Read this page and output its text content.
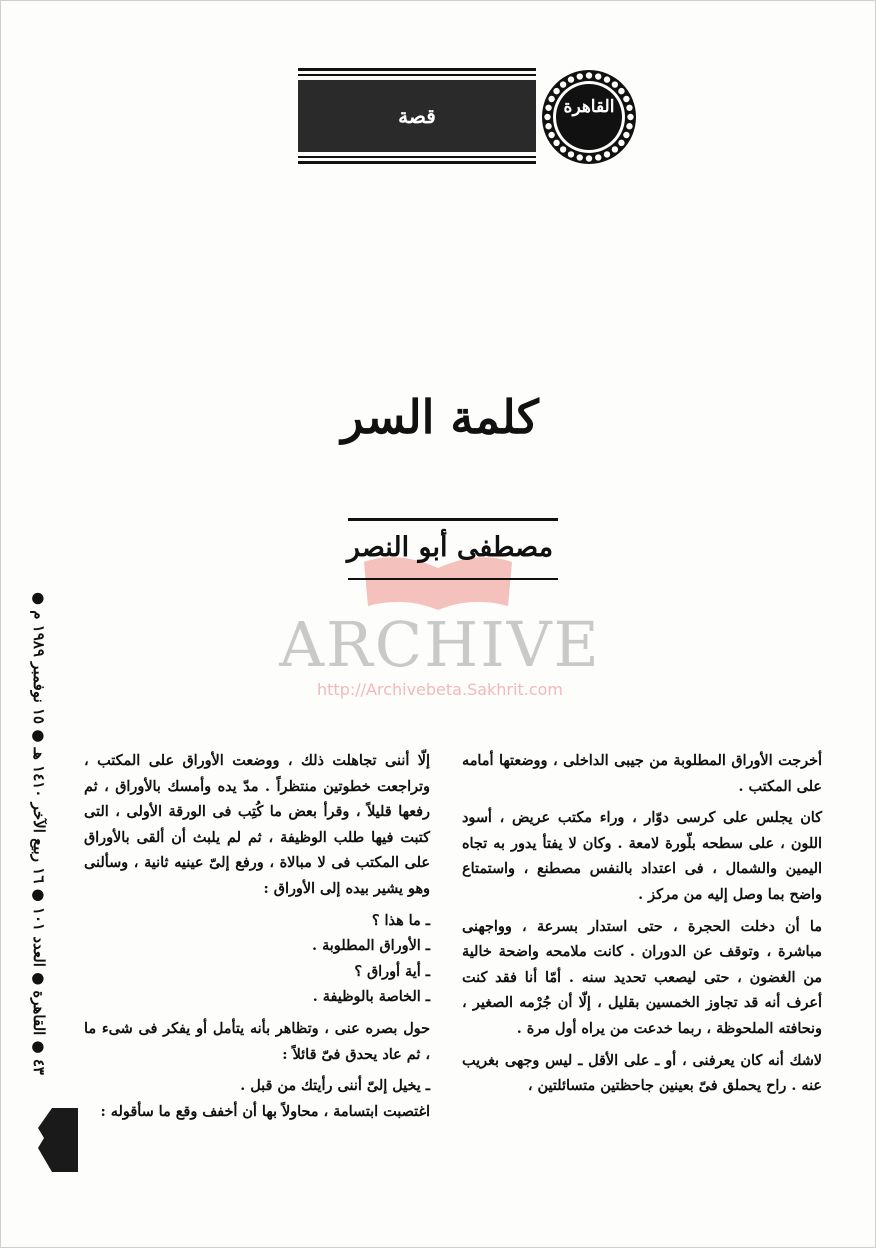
قصة	القاهرة
كلمة السر
مصطفى أبو النصر
ARCHIVE
http://Archivebeta.Sakhrit.com
٤٣ ● القاهرة ● العدد ١٠١ ● ١٦ ربيع الآخر ١٤١٠ هـ ● ١٥ نوفمبر ١٩٨٩ م ●

أخرجت الأوراق المطلوبة من جيبى الداخلى ، ووضعتها أمامه على المكتب .

كان يجلس على كرسى دوّار ، وراء مكتب عريض ، أسود اللون ، على سطحه بلّورة لامعة . وكان لا يفتأ يدور به تجاه اليمين والشمال ، فى اعتداد بالنفس مصطنع ، واستمتاع واضح بما وصل إليه من مركز .

ما أن دخلت الحجرة ، حتى استدار بسرعة ، وواجهنى مباشرة ، وتوقف عن الدوران . كانت ملامحه واضحة خالية من الغضون ، حتى ليصعب تحديد سنه . أمّا أنا فقد كنت أعرف أنه قد تجاوز الخمسين بقليل ، إلّا أن جُرْمه الصغير ، ونحافته الملحوظة ، ربما خدعت من يراه أول مرة .

لاشك أنه كان يعرفنى ، أو ـ على الأقل ـ ليس وجهى بغريب عنه . راح يحملق فىّ بعينين جاحظتين متسائلتين ،

إلّا أننى تجاهلت ذلك ، ووضعت الأوراق على المكتب ، وتراجعت خطوتين منتظراً . مدّ يده وأمسك بالأوراق ، ثم رفعها قليلاً ، وقرأ بعض ما كُتِب فى الورقة الأولى ، التى كتبت فيها طلب الوظيفة ، ثم لم يلبث أن ألقى بالأوراق على المكتب فى لا مبالاة ، ورفع إلىّ عينيه ثانية ، وسألنى وهو يشير بيده إلى الأوراق :

ـ ما هذا ؟

ـ الأوراق المطلوبة .

ـ أية أوراق ؟

ـ الخاصة بالوظيفة .

حول بصره عنى ، وتظاهر بأنه يتأمل أو يفكر فى شىء ما ، ثم عاد يحدق فىّ قائلاً :

ـ يخيل إلىّ أننى رأيتك من قبل .

اغتصبت ابتسامة ، محاولاً بها أن أخفف وقع ما سأقوله :
